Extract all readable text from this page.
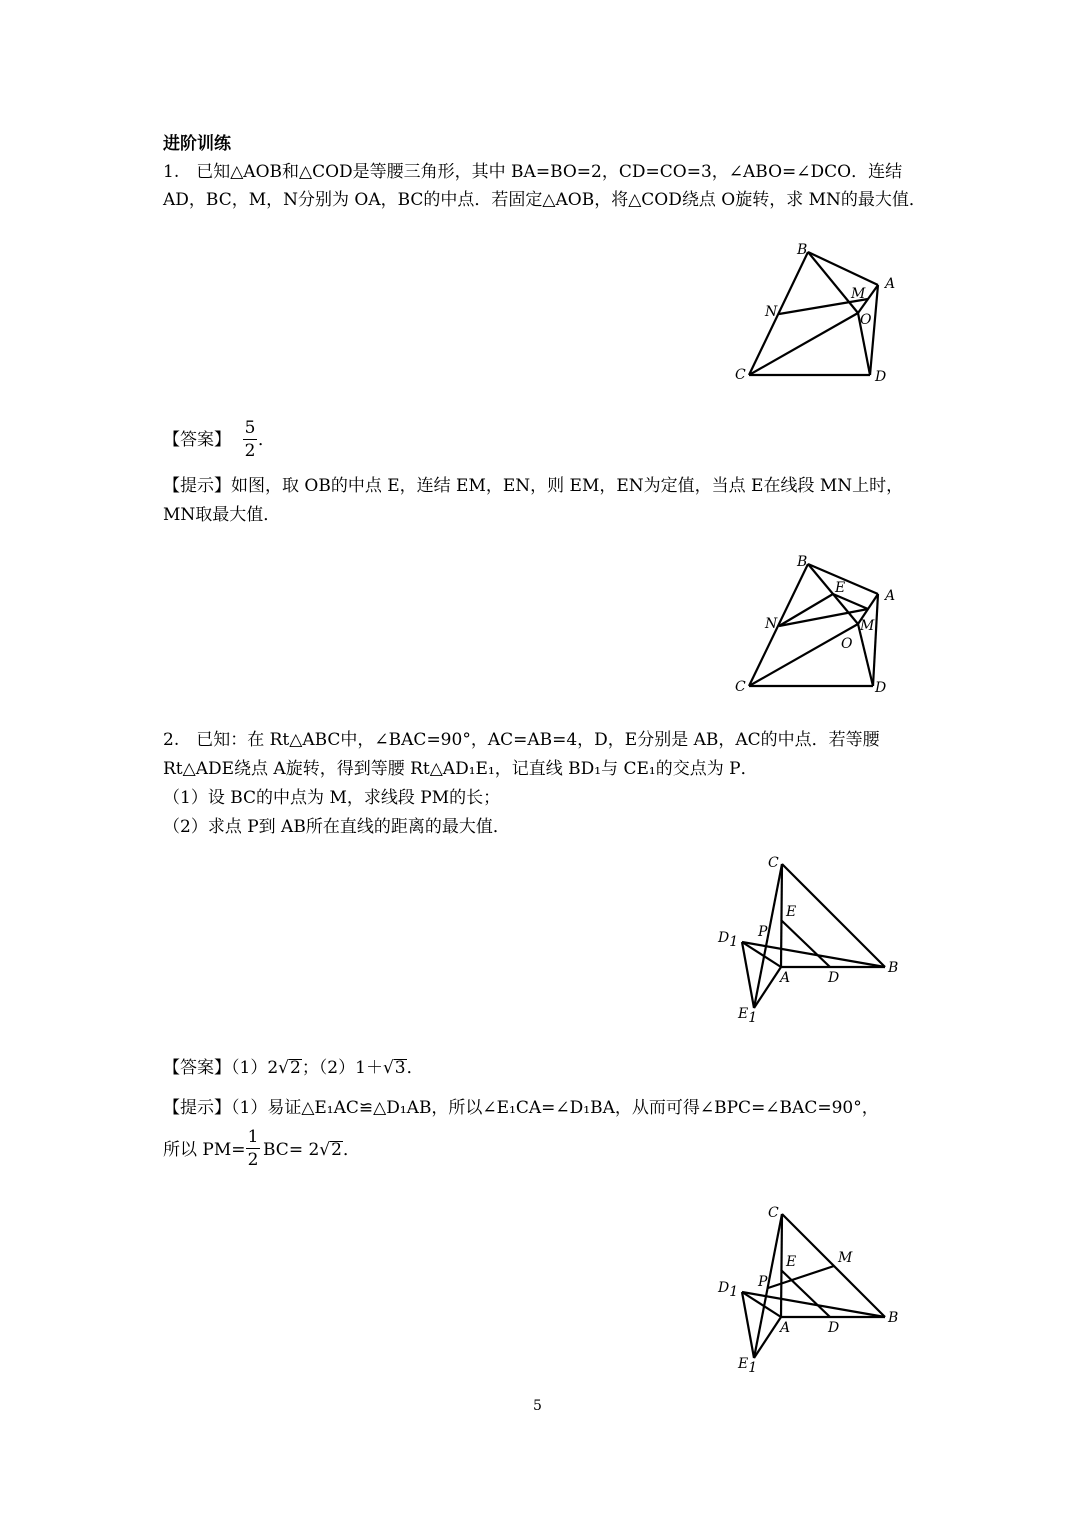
进阶训练
1.　已知△AOB和△COD是等腰三角形，其中 BA=BO=2，CD=CO=3，∠ABO=∠DCO．连结
AD，BC，M，N分别为 OA，BC的中点．若固定△AOB，将△COD绕点 O旋转，求 MN的最大值．
B
A
M
N	O
C	D
【答案】
5
2
．
【提示】如图，取 OB的中点 E，连结 EM，EN，则 EM，EN为定值，当点 E在线段 MN上时，
MN取最大值．
B
E	A
N	M
O
C	D
2.　已知：在 Rt△ABC中，∠BAC=90°，AC=AB=4，D，E分别是 AB，AC的中点．若等腰
Rt△ADE绕点 A旋转，得到等腰 Rt△AD₁E₁，记直线 BD₁与 CE₁的交点为 P．
（1）设 BC的中点为 M，求线段 PM的长；
（2）求点 P到 AB所在直线的距离的最大值．
C
E
D1
P
A	D
B
E1
【答案】（1）2√2；（2）1＋√3．
【提示】（1）易证△E₁AC≌△D₁AB，所以∠E₁CA=∠D₁BA，从而可得∠BPC=∠BAC=90°，
所以 PM=
1
2 BC= 2√2．
C
E	M
D1
P
A	D
B
E1
5
